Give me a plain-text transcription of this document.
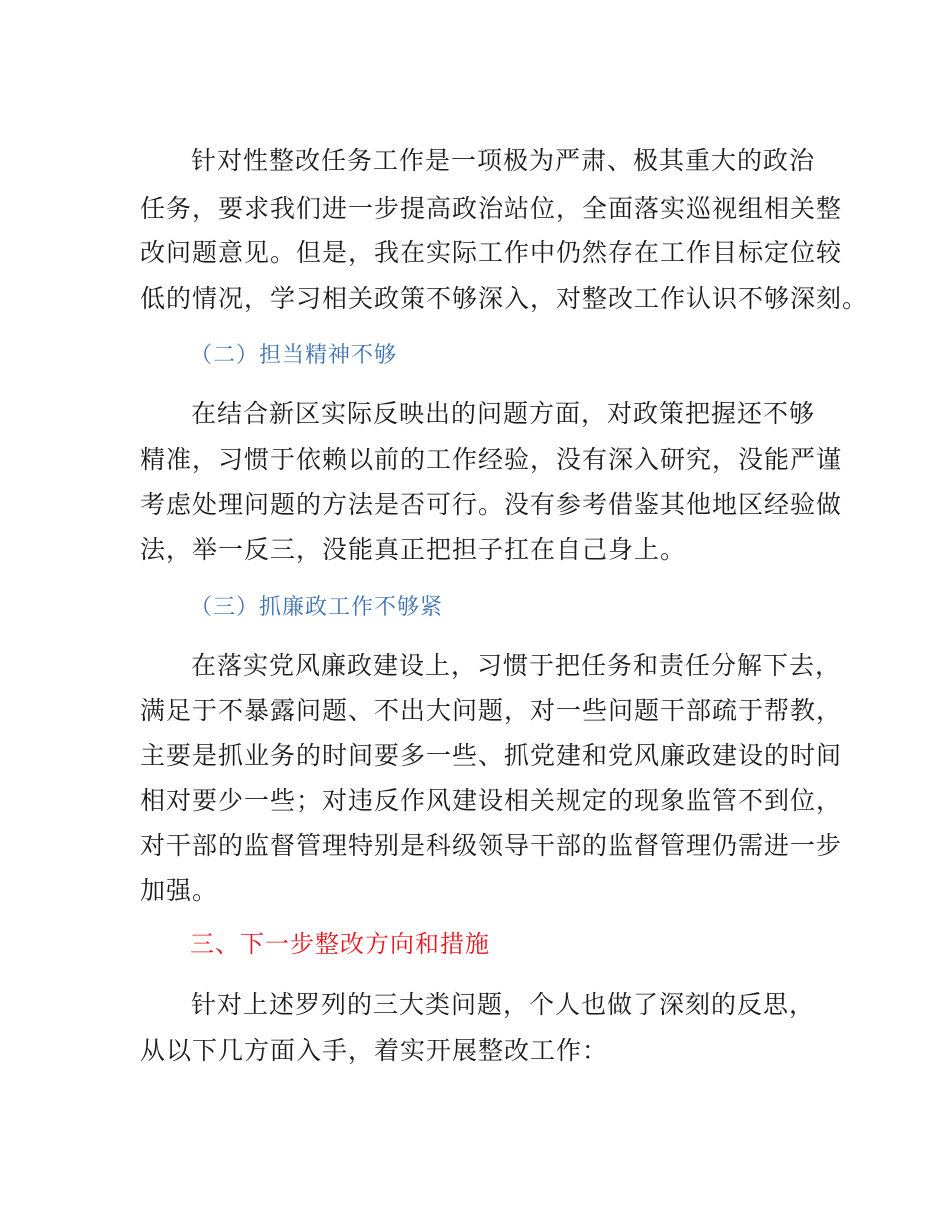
针对性整改任务工作是一项极为严肃、极其重大的政治

任务，要求我们进一步提高政治站位，全面落实巡视组相关整

改问题意见。但是，我在实际工作中仍然存在工作目标定位较

低的情况，学习相关政策不够深入，对整改工作认识不够深刻。

（二）担当精神不够

在结合新区实际反映出的问题方面，对政策把握还不够

精准，习惯于依赖以前的工作经验，没有深入研究，没能严谨

考虑处理问题的方法是否可行。没有参考借鉴其他地区经验做

法，举一反三，没能真正把担子扛在自己身上。

（三）抓廉政工作不够紧

在落实党风廉政建设上，习惯于把任务和责任分解下去，

满足于不暴露问题、不出大问题，对一些问题干部疏于帮教，

主要是抓业务的时间要多一些、抓党建和党风廉政建设的时间

相对要少一些；对违反作风建设相关规定的现象监管不到位，

对干部的监督管理特别是科级领导干部的监督管理仍需进一步

加强。

三、下一步整改方向和措施

针对上述罗列的三大类问题，个人也做了深刻的反思，

从以下几方面入手，着实开展整改工作：
